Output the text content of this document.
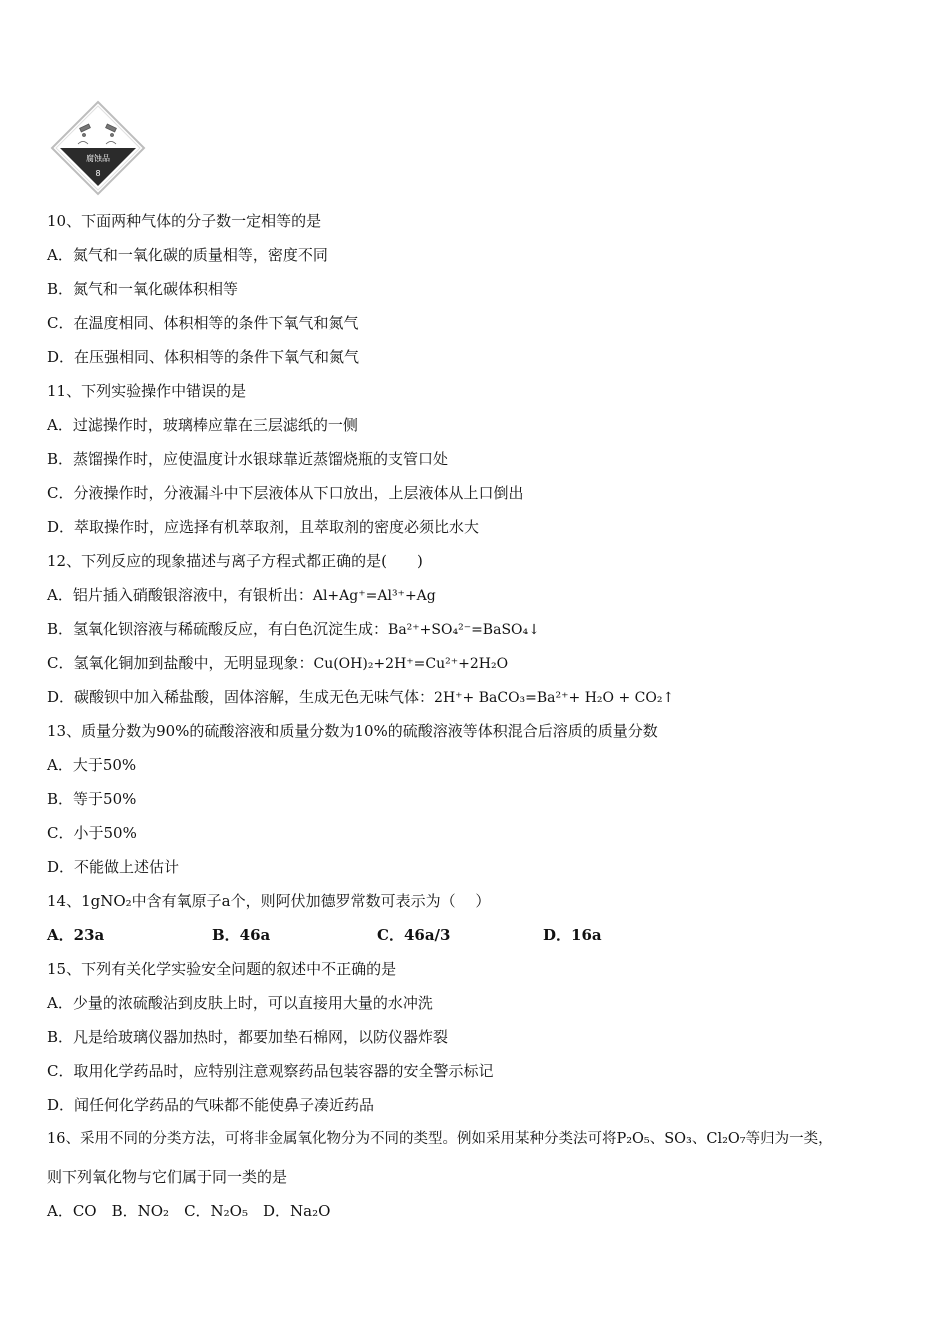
腐蚀品
8
10、下面两种气体的分子数一定相等的是
A．氮气和一氧化碳的质量相等，密度不同
B．氮气和一氧化碳体积相等
C．在温度相同、体积相等的条件下氧气和氮气
D．在压强相同、体积相等的条件下氧气和氮气
11、下列实验操作中错误的是
A．过滤操作时，玻璃棒应靠在三层滤纸的一侧
B．蒸馏操作时，应使温度计水银球靠近蒸馏烧瓶的支管口处
C．分液操作时，分液漏斗中下层液体从下口放出，上层液体从上口倒出
D．萃取操作时，应选择有机萃取剂，且萃取剂的密度必须比水大
12、下列反应的现象描述与离子方程式都正确的是(　　)
A．铝片插入硝酸银溶液中，有银析出：Al+Ag⁺=Al³⁺+Ag
B．氢氧化钡溶液与稀硫酸反应，有白色沉淀生成：Ba²⁺+SO₄²⁻=BaSO₄↓
C．氢氧化铜加到盐酸中，无明显现象：Cu(OH)₂+2H⁺=Cu²⁺+2H₂O
D．碳酸钡中加入稀盐酸，固体溶解，生成无色无味气体：2H⁺+ BaCO₃=Ba²⁺+ H₂O + CO₂↑
13、质量分数为90%的硫酸溶液和质量分数为10%的硫酸溶液等体积混合后溶质的质量分数
A．大于50%
B．等于50%
C．小于50%
D．不能做上述估计
14、1gNO₂中含有氧原子a个，则阿伏加德罗常数可表示为（　 ）
A．23a	B．46a	C．46a/3	D．16a
15、下列有关化学实验安全问题的叙述中不正确的是
A．少量的浓硫酸沾到皮肤上时，可以直接用大量的水冲洗
B．凡是给玻璃仪器加热时，都要加垫石棉网，以防仪器炸裂
C．取用化学药品时，应特别注意观察药品包装容器的安全警示标记
D．闻任何化学药品的气味都不能使鼻子凑近药品
16、采用不同的分类方法，可将非金属氧化物分为不同的类型。例如采用某种分类法可将P₂O₅、SO₃、Cl₂O₇等归为一类，
则下列氧化物与它们属于同一类的是
A．CO　B．NO₂　C．N₂O₅　D．Na₂O
